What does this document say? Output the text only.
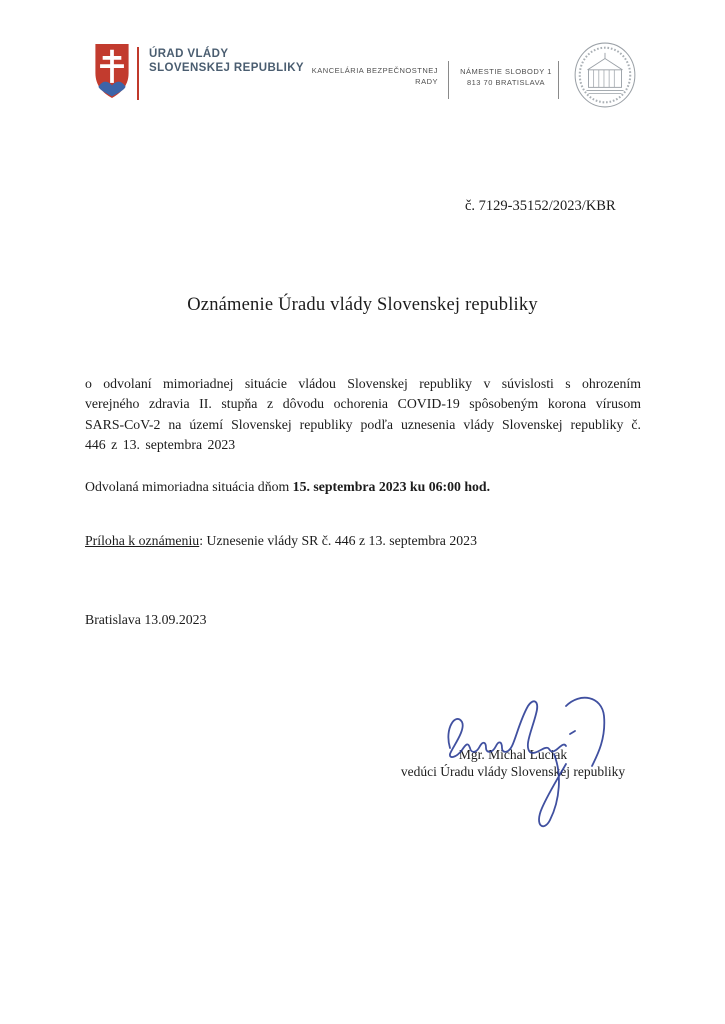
ÚRAD VLÁDY
SLOVENSKEJ REPUBLIKY	KANCELÁRIA BEZPEČNOSTNEJ
RADY
NÁMESTIE SLOBODY 1
813 70 BRATISLAVA
č. 7129-35152/2023/KBR
Oznámenie Úradu vlády Slovenskej republiky

o odvolaní mimoriadnej situácie vládou Slovenskej republiky v súvislosti s ohrozením verejného zdravia II. stupňa z dôvodu ochorenia COVID-19 spôsobeným korona vírusom SARS-CoV-2 na území Slovenskej republiky podľa uznesenia vlády Slovenskej republiky č. 446 z 13. septembra 2023

Odvolaná mimoriadna situácia dňom 15. septembra 2023 ku 06:00 hod.

Príloha k oznámeniu: Uznesenie vlády SR č. 446 z 13. septembra 2023

Bratislava 13.09.2023

Mgr. Michal Luciak

vedúci Úradu vlády Slovenskej republiky
